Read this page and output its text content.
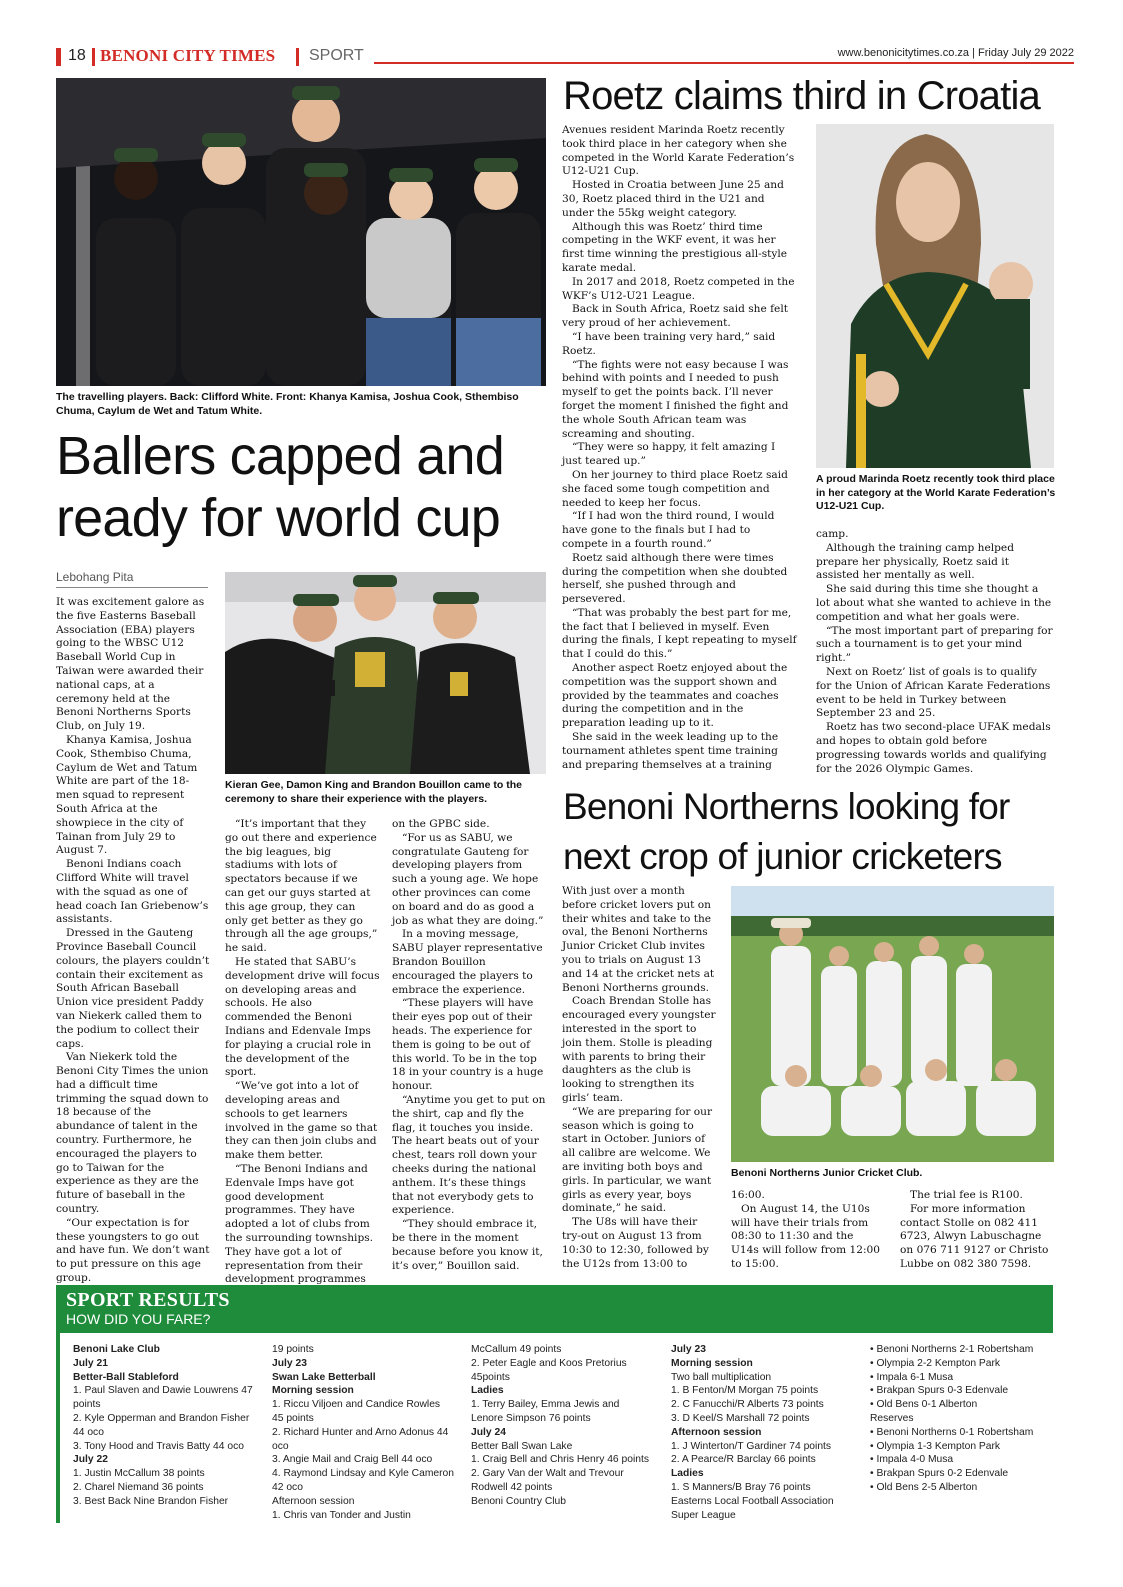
18 BENONI CITY TIMES SPORT	www.benonicitytimes.co.za | Friday July 29 2022
The travelling players. Back: Clifford White. Front: Khanya Kamisa, Joshua Cook, Sthembiso Chuma, Caylum de Wet and Tatum White.
Ballers capped and ready for world cup
Lebohang Pita

It was excitement galore as the five Easterns Baseball Association (EBA) players going to the WBSC U12 Baseball World Cup in Taiwan were awarded their national caps, at a ceremony held at the Benoni Northerns Sports Club, on July 19.

Khanya Kamisa, Joshua Cook, Sthembiso Chuma, Caylum de Wet and Tatum White are part of the 18-men squad to represent South Africa at the showpiece in the city of Tainan from July 29 to August 7.

Benoni Indians coach Clifford White will travel with the squad as one of head coach Ian Griebenow’s assistants.

Dressed in the Gauteng Province Baseball Council colours, the players couldn’t contain their excitement as South African Baseball Union vice president Paddy van Niekerk called them to the podium to collect their caps.

Van Niekerk told the Benoni City Times the union had a difficult time trimming the squad down to 18 because of the abundance of talent in the country. Furthermore, he encouraged the players to go to Taiwan for the experience as they are the future of baseball in the country.

“Our expectation is for these youngsters to go out and have fun. We don’t want to put pressure on this age group.

Kieran Gee, Damon King and Brandon Bouillon came to the ceremony to share their experience with the players.

“It’s important that they go out there and experience the big leagues, big stadiums with lots of spectators because if we can get our guys started at this age group, they can only get better as they go through all the age groups,” he said.

He stated that SABU’s development drive will focus on developing areas and schools. He also commended the Benoni Indians and Edenvale Imps for playing a crucial role in the development of the sport.

“We’ve got into a lot of developing areas and schools to get learners involved in the game so that they can then join clubs and make them better.

“The Benoni Indians and Edenvale Imps have got good development programmes. They have adopted a lot of clubs from the surrounding townships. They have got a lot of representation from their development programmes

on the GPBC side.

“For us as SABU, we congratulate Gauteng for developing players from such a young age. We hope other provinces can come on board and do as good a job as what they are doing.”

In a moving message, SABU player representative Brandon Bouillon encouraged the players to embrace the experience.

“These players will have their eyes pop out of their heads. The experience for them is going to be out of this world. To be in the top 18 in your country is a huge honour.

“Anytime you get to put on the shirt, cap and fly the flag, it touches you inside. The heart beats out of your chest, tears roll down your cheeks during the national anthem. It’s these things that not everybody gets to experience.

“They should embrace it, be there in the moment because before you know it, it’s over,” Bouillon said.

Roetz claims third in Croatia

Avenues resident Marinda Roetz recently took third place in her category when she competed in the World Karate Federation’s U12-U21 Cup.

Hosted in Croatia between June 25 and 30, Roetz placed third in the U21 and under the 55kg weight category.

Although this was Roetz’ third time competing in the WKF event, it was her first time winning the prestigious all-style karate medal.

In 2017 and 2018, Roetz competed in the WKF’s U12-U21 League.

Back in South Africa, Roetz said she felt very proud of her achievement.

“I have been training very hard,” said Roetz.

“The fights were not easy because I was behind with points and I needed to push myself to get the points back. I’ll never forget the moment I finished the fight and the whole South African team was screaming and shouting.

“They were so happy, it felt amazing I just teared up.”

On her journey to third place Roetz said she faced some tough competition and needed to keep her focus.

“If I had won the third round, I would have gone to the finals but I had to compete in a fourth round.”

Roetz said although there were times during the competition when she doubted herself, she pushed through and persevered.

“That was probably the best part for me, the fact that I believed in myself. Even during the finals, I kept repeating to myself that I could do this.”

Another aspect Roetz enjoyed about the competition was the support shown and provided by the teammates and coaches during the competition and in the preparation leading up to it.

She said in the week leading up to the tournament athletes spent time training and preparing themselves at a training

A proud Marinda Roetz recently took third place in her category at the World Karate Federation’s U12-U21 Cup.

camp.

Although the training camp helped prepare her physically, Roetz said it assisted her mentally as well.

She said during this time she thought a lot about what she wanted to achieve in the competition and what her goals were.

“The most important part of preparing for such a tournament is to get your mind right.”

Next on Roetz’ list of goals is to qualify for the Union of African Karate Federations event to be held in Turkey between September 23 and 25.

Roetz has two second-place UFAK medals and hopes to obtain gold before progressing towards worlds and qualifying for the 2026 Olympic Games.

Benoni Northerns looking for next crop of junior cricketers

With just over a month before cricket lovers put on their whites and take to the oval, the Benoni Northerns Junior Cricket Club invites you to trials on August 13 and 14 at the cricket nets at Benoni Northerns grounds.

Coach Brendan Stolle has encouraged every youngster interested in the sport to join them. Stolle is pleading with parents to bring their daughters as the club is looking to strengthen its girls’ team.

“We are preparing for our season which is going to start in October. Juniors of all calibre are welcome. We are inviting both boys and girls. In particular, we want girls as every year, boys dominate,” he said.

The U8s will have their try-out on August 13 from 10:30 to 12:30, followed by the U12s from 13:00 to

Benoni Northerns Junior Cricket Club.

16:00.

On August 14, the U10s will have their trials from 08:30 to 11:30 and the U14s will follow from 12:00 to 15:00.

The trial fee is R100.

For more information contact Stolle on 082 411 6723, Alwyn Labuschagne on 076 711 9127 or Christo Lubbe on 082 380 7598.

SPORT RESULTS
HOW DID YOU FARE?
Benoni Lake Club
July 21
Better-Ball Stableford
1. Paul Slaven and Dawie Louwrens 47 points
2. Kyle Opperman and Brandon Fisher 44 oco
3. Tony Hood and Travis Batty 44 oco
July 22
1. Justin McCallum 38 points
2. Charel Niemand 36 points
3. Best Back Nine Brandon Fisher
19 points
July 23
Swan Lake Betterball
Morning session
1. Riccu Viljoen and Candice Rowles 45 points
2. Richard Hunter and Arno Adonus 44 oco
3. Angie Mail and Craig Bell 44 oco
4. Raymond Lindsay and Kyle Cameron 42 oco
Afternoon session
1. Chris van Tonder and Justin
McCallum 49 points
2. Peter Eagle and Koos Pretorius 45points
Ladies
1. Terry Bailey, Emma Jewis and Lenore Simpson 76 points
July 24
Better Ball Swan Lake
1. Craig Bell and Chris Henry 46 points
2. Gary Van der Walt and Trevour Rodwell 42 points
Benoni Country Club
July 23
Morning session
Two ball multiplication
1. B Fenton/M Morgan 75 points
2. C Fanucchi/R Alberts 73 points
3. D Keel/S Marshall 72 points
Afternoon session
1. J Winterton/T Gardiner 74 points
2. A Pearce/R Barclay 66 points
Ladies
1. S Manners/B Bray 76 points
Easterns Local Football Association
Super League
• Benoni Northerns 2-1 Robertsham
• Olympia 2-2 Kempton Park
• Impala 6-1 Musa
• Brakpan Spurs 0-3 Edenvale
• Old Bens 0-1 Alberton
Reserves
• Benoni Northerns 0-1 Robertsham
• Olympia 1-3 Kempton Park
• Impala 4-0 Musa
• Brakpan Spurs 0-2 Edenvale
• Old Bens 2-5 Alberton
